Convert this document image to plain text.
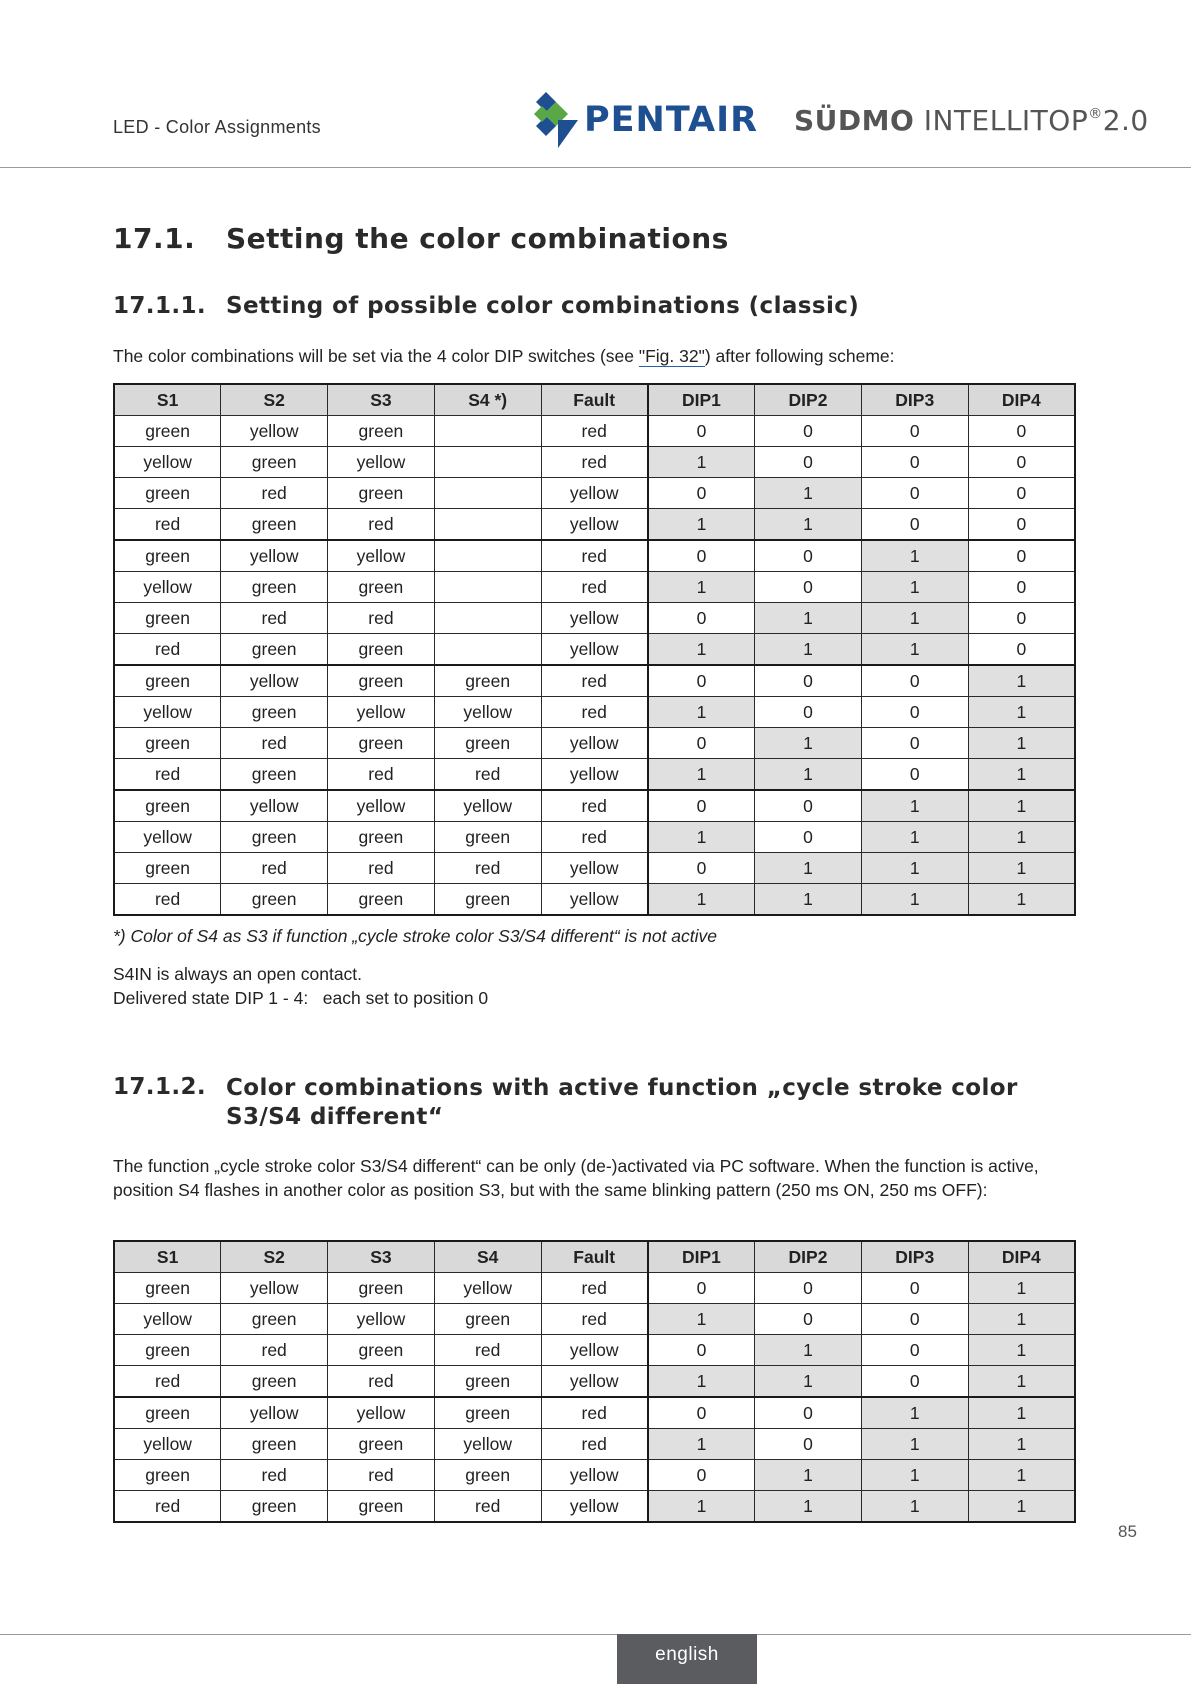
LED - Color Assignments	PENTAIR SÜDMO INTELLITOP®2.0
17.1. Setting the color combinations
17.1.1. Setting of possible color combinations (classic)
The color combinations will be set via the 4 color DIP switches (see "Fig. 32") after following scheme:
S1	S2	S3	S4 *)	Fault	DIP1	DIP2	DIP3	DIP4
green	yellow	green		red	0	0	0	0
yellow	green	yellow		red	1	0	0	0
green	red	green		yellow	0	1	0	0
red	green	red		yellow	1	1	0	0
green	yellow	yellow		red	0	0	1	0
yellow	green	green		red	1	0	1	0
green	red	red		yellow	0	1	1	0
red	green	green		yellow	1	1	1	0
green	yellow	green	green	red	0	0	0	1
yellow	green	yellow	yellow	red	1	0	0	1
green	red	green	green	yellow	0	1	0	1
red	green	red	red	yellow	1	1	0	1
green	yellow	yellow	yellow	red	0	0	1	1
yellow	green	green	green	red	1	0	1	1
green	red	red	red	yellow	0	1	1	1
red	green	green	green	yellow	1	1	1	1
*) Color of S4 as S3 if function „cycle stroke color S3/S4 different“ is not active
S4IN is always an open contact.
Delivered state DIP 1 - 4:   each set to position 0
17.1.2. Color combinations with active function „cycle stroke color S3/S4 different“
The function „cycle stroke color S3/S4 different“ can be only (de-)activated via PC software. When the function is active, position S4 flashes in another color as position S3, but with the same blinking pattern (250 ms ON, 250 ms OFF):
S1	S2	S3	S4	Fault	DIP1	DIP2	DIP3	DIP4
green	yellow	green	yellow	red	0	0	0	1
yellow	green	yellow	green	red	1	0	0	1
green	red	green	red	yellow	0	1	0	1
red	green	red	green	yellow	1	1	0	1
green	yellow	yellow	green	red	0	0	1	1
yellow	green	green	yellow	red	1	0	1	1
green	red	red	green	yellow	0	1	1	1
red	green	green	red	yellow	1	1	1	1
85
english
